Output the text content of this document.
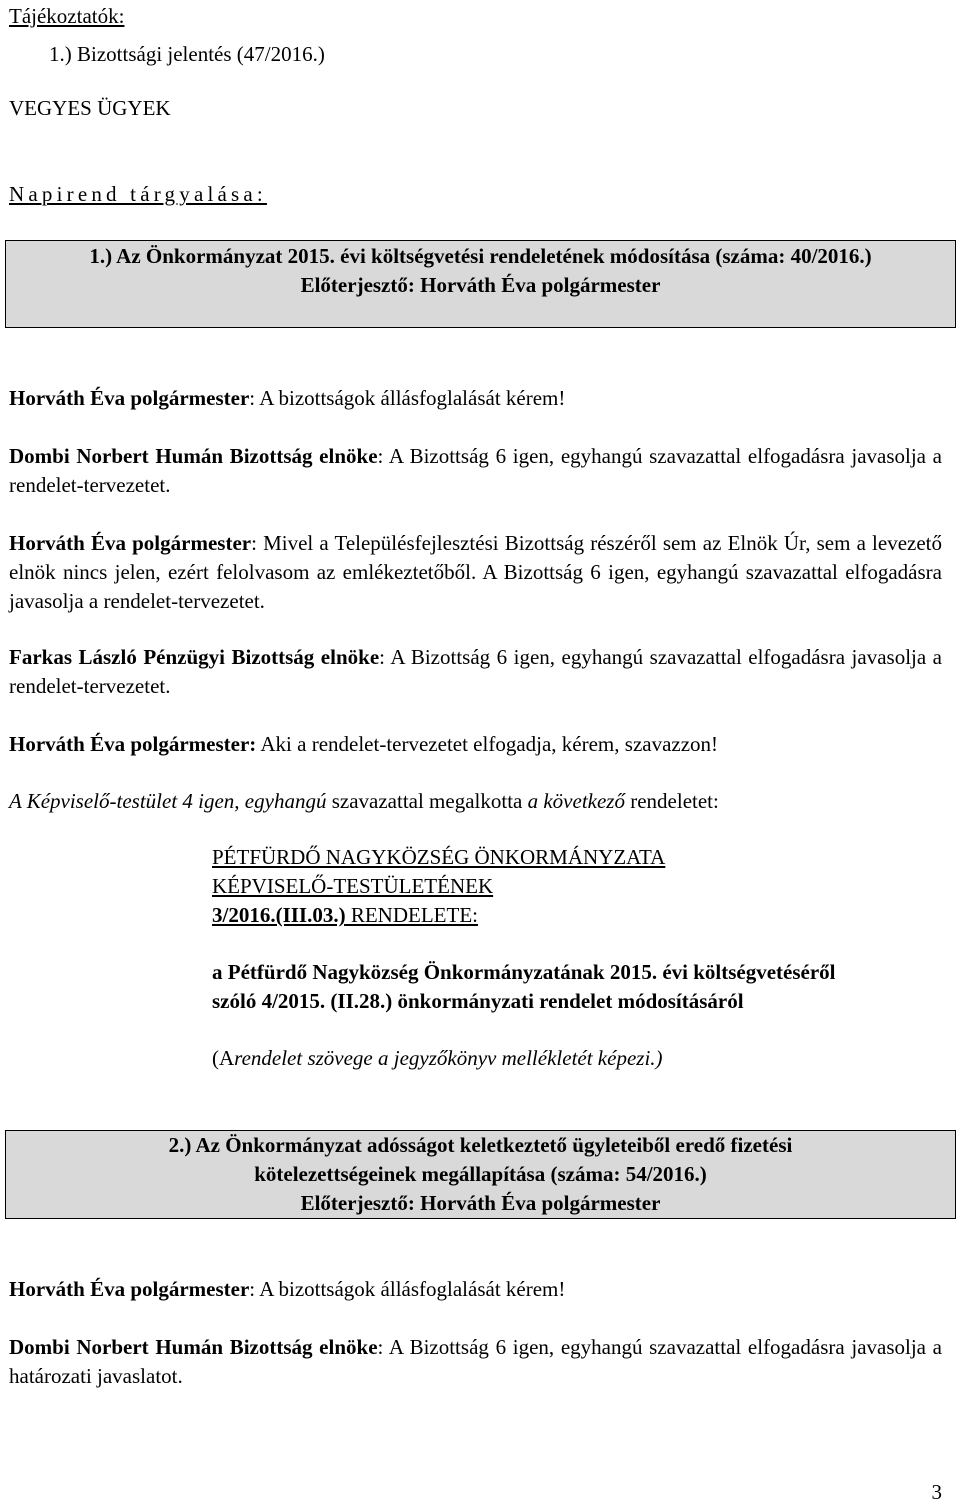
Tájékoztatók:
1.) Bizottsági jelentés (47/2016.)
VEGYES ÜGYEK
Napirend tárgyalása:
1.) Az Önkormányzat 2015. évi költségvetési rendeletének módosítása (száma: 40/2016.)
Előterjesztő: Horváth Éva polgármester
Horváth Éva polgármester: A bizottságok állásfoglalását kérem!
Dombi Norbert Humán Bizottság elnöke: A Bizottság 6 igen, egyhangú szavazattal elfogadásra javasolja a rendelet-tervezetet.
Horváth Éva polgármester: Mivel a Településfejlesztési Bizottság részéről sem az Elnök Úr, sem a levezető elnök nincs jelen, ezért felolvasom az emlékeztetőből. A Bizottság 6 igen, egyhangú szavazattal elfogadásra javasolja a rendelet-tervezetet.
Farkas László Pénzügyi Bizottság elnöke: A Bizottság 6 igen, egyhangú szavazattal elfogadásra javasolja a rendelet-tervezetet.
Horváth Éva polgármester: Aki a rendelet-tervezetet elfogadja, kérem, szavazzon!
A Képviselő-testület 4 igen, egyhangú szavazattal megalkotta a következő rendeletet:
PÉTFÜRDŐ NAGYKÖZSÉG ÖNKORMÁNYZATA
KÉPVISELŐ-TESTÜLETÉNEK
3/2016.(III.03.) RENDELETE:
a Pétfürdő Nagyközség Önkormányzatának 2015. évi költségvetéséről
szóló 4/2015. (II.28.) önkormányzati rendelet módosításáról
(Arendelet szövege a jegyzőkönyv mellékletét képezi.)
2.) Az Önkormányzat adósságot keletkeztető ügyleteiből eredő fizetési
kötelezettségeinek megállapítása (száma: 54/2016.)
Előterjesztő: Horváth Éva polgármester
Horváth Éva polgármester: A bizottságok állásfoglalását kérem!
Dombi Norbert Humán Bizottság elnöke: A Bizottság 6 igen, egyhangú szavazattal elfogadásra javasolja a határozati javaslatot.
3
